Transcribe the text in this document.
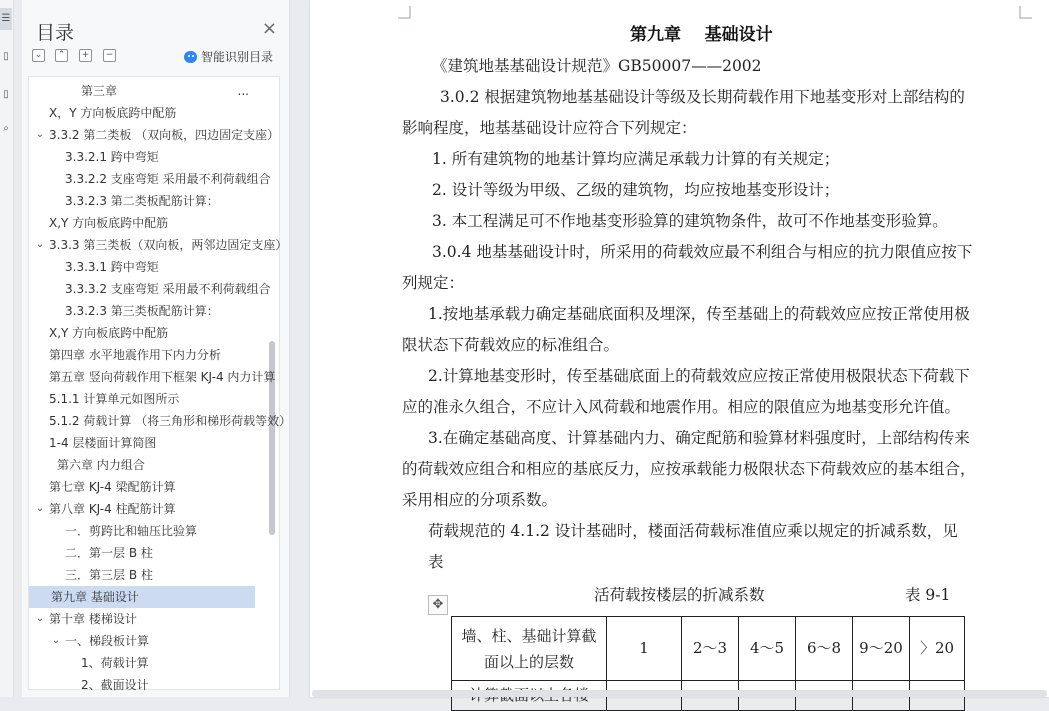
☰
▯
▯
⌕
目录	×
⌄	⌃	+	−	智能识别目录
第三章	...
X，Y 方向板底跨中配筋
⌄ 3.3.2 第二类板 （双向板，四边固定支座）
3.3.2.1 跨中弯矩
3.3.2.2 支座弯矩 采用最不利荷载组合
3.3.2.3 第二类板配筋计算：
X,Y 方向板底跨中配筋
⌄ 3.3.3 第三类板（双向板，两邻边固定支座）
3.3.3.1 跨中弯矩
3.3.3.2 支座弯矩 采用最不利荷载组合
3.3.2.3 第三类板配筋计算：
X,Y 方向板底跨中配筋
第四章 水平地震作用下内力分析
第五章 竖向荷载作用下框架 KJ-4 内力计算
5.1.1 计算单元如图所示
5.1.2 荷载计算 （将三角形和梯形荷载等效）
1-4 层楼面计算简图
第六章 内力组合
第七章 KJ-4 梁配筋计算
⌄ 第八章 KJ-4 柱配筋计算
一．剪跨比和轴压比验算
二．第一层 B 柱
三．第三层 B 柱
第九章 基础设计
⌄ 第十章 楼梯设计
⌄ 一、梯段板计算
1、荷载计算
2、截面设计
第九章    基础设计
✥
活荷载按楼层的折减系数	表 9-1
墙、柱、基础计算截
面以上的层数	1	2～3	4～5	6～8	9～20	〉20

《建筑地基基础设计规范》GB50007——2002
3.0.2 根据建筑物地基基础设计等级及长期荷载作用下地基变形对上部结构的
影响程度，地基基础设计应符合下列规定：
1. 所有建筑物的地基计算均应满足承载力计算的有关规定；
2. 设计等级为甲级、乙级的建筑物，均应按地基变形设计；
3. 本工程满足可不作地基变形验算的建筑物条件，故可不作地基变形验算。
3.0.4 地基基础设计时，所采用的荷载效应最不利组合与相应的抗力限值应按下
列规定：
1.按地基承载力确定基础底面积及埋深，传至基础上的荷载效应应按正常使用极
限状态下荷载效应的标准组合。
2.计算地基变形时，传至基础底面上的荷载效应应按正常使用极限状态下荷载下
应的准永久组合，不应计入风荷载和地震作用。相应的限值应为地基变形允许值。
3.在确定基础高度、计算基础内力、确定配筋和验算材料强度时，上部结构传来
的荷载效应组合和相应的基底反力，应按承载能力极限状态下荷载效应的基本组合，
采用相应的分项系数。
荷载规范的 4.1.2 设计基础时，楼面活荷载标准值应乘以规定的折减系数，见
表
